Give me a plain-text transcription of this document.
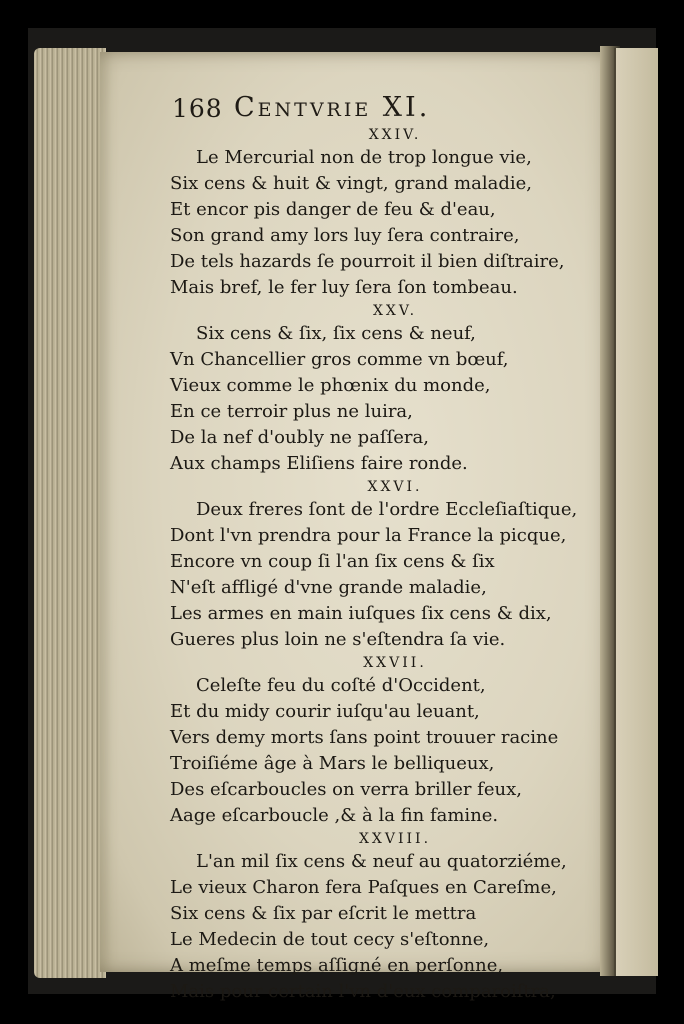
168 Centvrie XI.
XXIV.
Le Mercurial non de trop longue vie,
Six cens & huit & vingt, grand maladie,
Et encor pis danger de feu & d'eau,
Son grand amy lors luy ſera contraire,
De tels hazards ſe pourroit il bien diſtraire,
Mais bref, le fer luy ſera ſon tombeau.
XXV.
Six cens & ſix, ſix cens & neuf,
Vn Chancellier gros comme vn bœuf,
Vieux comme le phœnix du monde,
En ce terroir plus ne luira,
De la nef d'oubly ne paſſera,
Aux champs Eliſiens faire ronde.
XXVI.
Deux freres ſont de l'ordre Eccleſiaſtique,
Dont l'vn prendra pour la France la picque,
Encore vn coup ſi l'an ſix cens & ſix
N'eſt affligé d'vne grande maladie,
Les armes en main iuſques ſix cens & dix,
Gueres plus loin ne s'eſtendra ſa vie.
XXVII.
Celeſte feu du coſté d'Occident,
Et du midy courir iuſqu'au leuant,
Vers demy morts ſans point trouuer racine
Troiſiéme âge à Mars le belliqueux,
Des eſcarboucles on verra briller feux,
Aage eſcarboucle ,& à la fin famine.
XXVIII.
L'an mil ſix cens & neuf au quatorziéme,
Le vieux Charon fera Paſques en Careſme,
Six cens & ſix par eſcrit le mettra
Le Medecin de tout cecy s'eſtonne,
A meſme temps aſſigné en perſonne,
Mais pour certain l'vn d'eux comparoiſtra,
